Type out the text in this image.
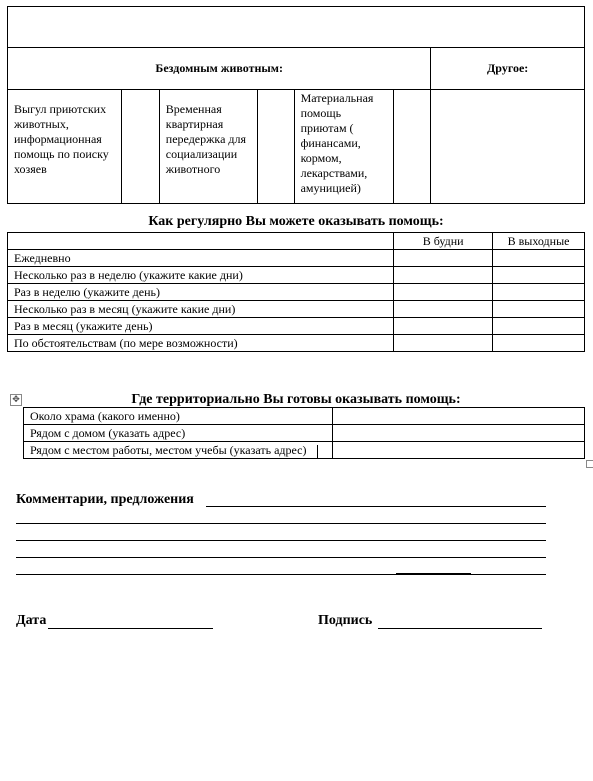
Бездомным животным:						Другое:
Выгул приютских животных, информационная помощь по поиску хозяев		Временная квартирная передержка для социализации животного		Материальная помощь приютам ( финансами, кормом, лекарствами, амуницией)		
Как регулярно Вы можете оказывать помощь:
	В будни	В выходные
Ежедневно		
Несколько раз в неделю (укажите какие дни)		
Раз в неделю (укажите день)		
Несколько раз в месяц (укажите какие дни)		
Раз в месяц (укажите день)		
По обстоятельствам (по мере возможности)		
✥	Где территориально Вы готовы оказывать помощь:
Около храма (какого именно)	
Рядом с домом (указать адрес)	
Рядом с местом работы, местом учебы (указать адрес)	
Комментарии, предложения
Дата	Подпись
